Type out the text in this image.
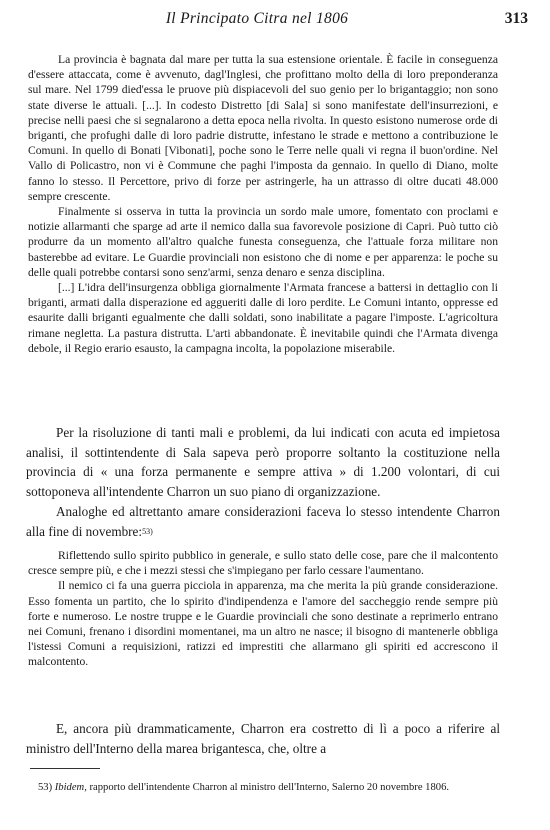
Il Principato Citra nel 1806	313

La provincia è bagnata dal mare per tutta la sua estensione orientale. È facile in conseguenza d'essere attaccata, come è avvenuto, dagl'Inglesi, che profittano molto della di loro preponderanza sul mare. Nel 1799 died'essa le pruove più dispiacevoli del suo genio per lo brigantaggio; non sono state diverse le attuali. [...]. In codesto Distretto [di Sala] si sono manifestate dell'insurrezioni, e precise nelli paesi che si segnalarono a detta epoca nella rivolta. In questo esistono numerose orde di briganti, che profughi dalle di loro padrie distrutte, infestano le strade e mettono a contribuzione le Comuni. In quello di Bonati [Vibonati], poche sono le Terre nelle quali vi regna il buon'ordine. Nel Vallo di Policastro, non vi è Commune che paghi l'imposta da gennaio. In quello di Diano, molte fanno lo stesso. Il Percettore, privo di forze per astringerle, ha un attrasso di oltre ducati 48.000 sempre crescente.

Finalmente si osserva in tutta la provincia un sordo male umore, fomentato con proclami e notizie allarmanti che sparge ad arte il nemico dalla sua favorevole posizione di Capri. Può tutto ciò produrre da un momento all'altro qualche funesta conseguenza, che l'attuale forza militare non basterebbe ad evitare. Le Guardie provinciali non esistono che di nome e per apparenza: le poche su delle quali potrebbe contarsi sono senz'armi, senza denaro e senza disciplina.

[...] L'idra dell'insurgenza obbliga giornalmente l'Armata francese a battersi in dettaglio con li briganti, armati dalla disperazione ed aggueriti dalle di loro perdite. Le Comuni intanto, oppresse ed esaurite dalli briganti egualmente che dalli soldati, sono inabilitate a pagare l'imposte. L'agricoltura rimane negletta. La pastura distrutta. L'arti abbandonate. È inevitabile quindi che l'Armata divenga debole, il Regio erario esausto, la campagna incolta, la popolazione miserabile.

Per la risoluzione di tanti mali e problemi, da lui indicati con acuta ed impietosa analisi, il sottintendente di Sala sapeva però proporre soltanto la costituzione nella provincia di « una forza permanente e sempre attiva » di 1.200 volontari, di cui sottoponeva all'intendente Charron un suo piano di organizzazione.

Analoghe ed altrettanto amare considerazioni faceva lo stesso intendente Charron alla fine di novembre:$^{53)}$

Riflettendo sullo spirito pubblico in generale, e sullo stato delle cose, pare che il malcontento cresce sempre più, e che i mezzi stessi che s'impiegano per farlo cessare l'aumentano.

Il nemico ci fa una guerra picciola in apparenza, ma che merita la più grande considerazione. Esso fomenta un partito, che lo spirito d'indipendenza e l'amore del saccheggio rende sempre più forte e numeroso. Le nostre truppe e le Guardie provinciali che sono destinate a reprimerlo entrano nei Comuni, frenano i disordini momentanei, ma un altro ne nasce; il bisogno di mantenerle obbliga l'istessi Comuni a requisizioni, ratizzi ed imprestiti che allarmano gli spiriti ed accrescono il malcontento.

E, ancora più drammaticamente, Charron era costretto di lì a poco a riferire al ministro dell'Interno della marea brigantesca, che, oltre a

53) Ibidem, rapporto dell'intendente Charron al ministro dell'Interno, Salerno 20 novembre 1806.
